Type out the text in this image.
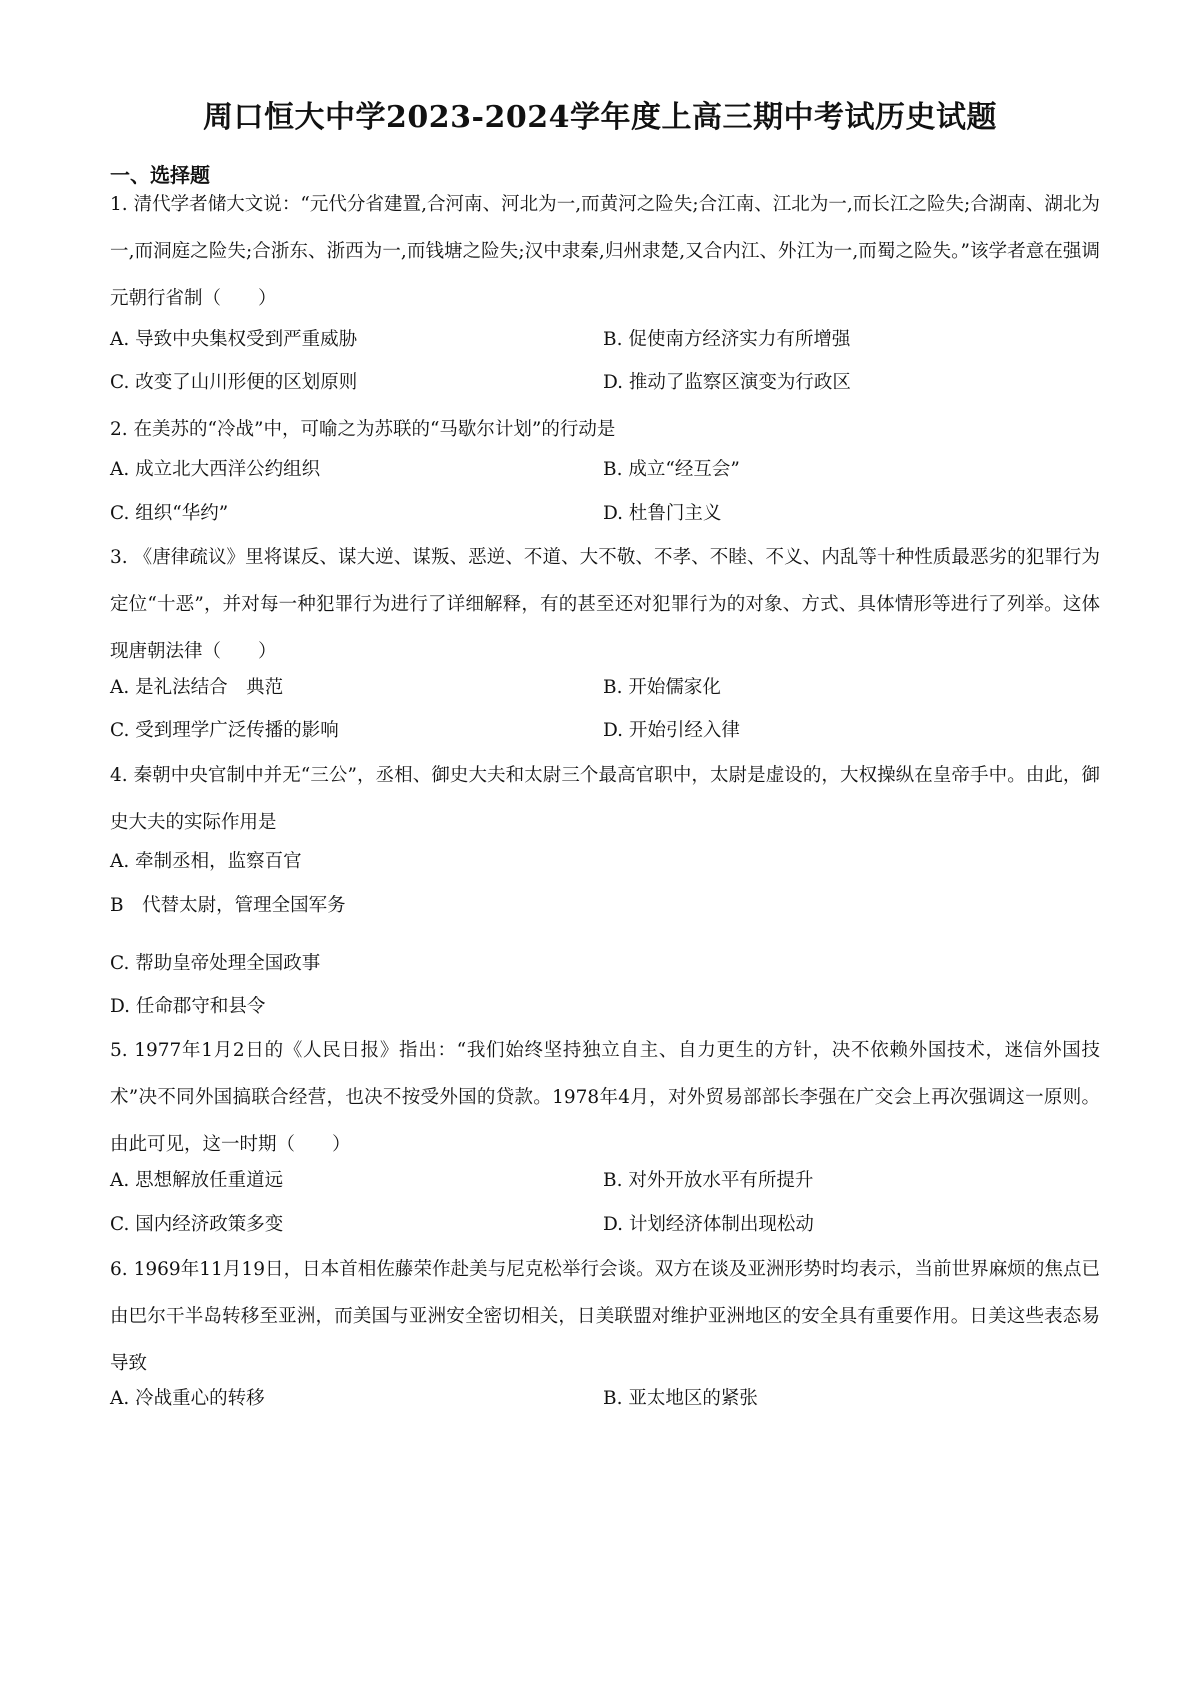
周口恒大中学2023-2024学年度上高三期中考试历史试题
一、选择题
1. 清代学者储大文说：“元代分省建置,合河南、河北为一,而黄河之险失;合江南、江北为一,而长江之险失;合湖南、湖北为一,而洞庭之险失;合浙东、浙西为一,而钱塘之险失;汉中隶秦,归州隶楚,又合内江、外江为一,而蜀之险失。”该学者意在强调元朝行省制（　　）
A. 导致中央集权受到严重威胁	B. 促使南方经济实力有所增强
C. 改变了山川形便的区划原则	D. 推动了监察区演变为行政区
2. 在美苏的“冷战”中，可喻之为苏联的“马歇尔计划”的行动是
A. 成立北大西洋公约组织	B. 成立“经互会”
C. 组织“华约”	D. 杜鲁门主义
3. 《唐律疏议》里将谋反、谋大逆、谋叛、恶逆、不道、大不敬、不孝、不睦、不义、内乱等十种性质最恶劣的犯罪行为定位“十恶”，并对每一种犯罪行为进行了详细解释，有的甚至还对犯罪行为的对象、方式、具体情形等进行了列举。这体现唐朝法律（　　）
A. 是礼法结合　典范	B. 开始儒家化
C. 受到理学广泛传播的影响	D. 开始引经入律
4. 秦朝中央官制中并无“三公”，丞相、御史大夫和太尉三个最高官职中，太尉是虚设的，大权操纵在皇帝手中。由此，御史大夫的实际作用是
A. 牵制丞相，监察百官
B　代替太尉，管理全国军务
C. 帮助皇帝处理全国政事
D. 任命郡守和县令
5. 1977年1月2日的《人民日报》指出：“我们始终坚持独立自主、自力更生的方针，决不依赖外国技术，迷信外国技术”决不同外国搞联合经营，也决不按受外国的贷款。1978年4月，对外贸易部部长李强在广交会上再次强调这一原则。由此可见，这一时期（　　）
A. 思想解放任重道远	B. 对外开放水平有所提升
C. 国内经济政策多变	D. 计划经济体制出现松动
6. 1969年11月19日，日本首相佐藤荣作赴美与尼克松举行会谈。双方在谈及亚洲形势时均表示，当前世界麻烦的焦点已由巴尔干半岛转移至亚洲，而美国与亚洲安全密切相关，日美联盟对维护亚洲地区的安全具有重要作用。日美这些表态易导致
A. 冷战重心的转移	B. 亚太地区的紧张
